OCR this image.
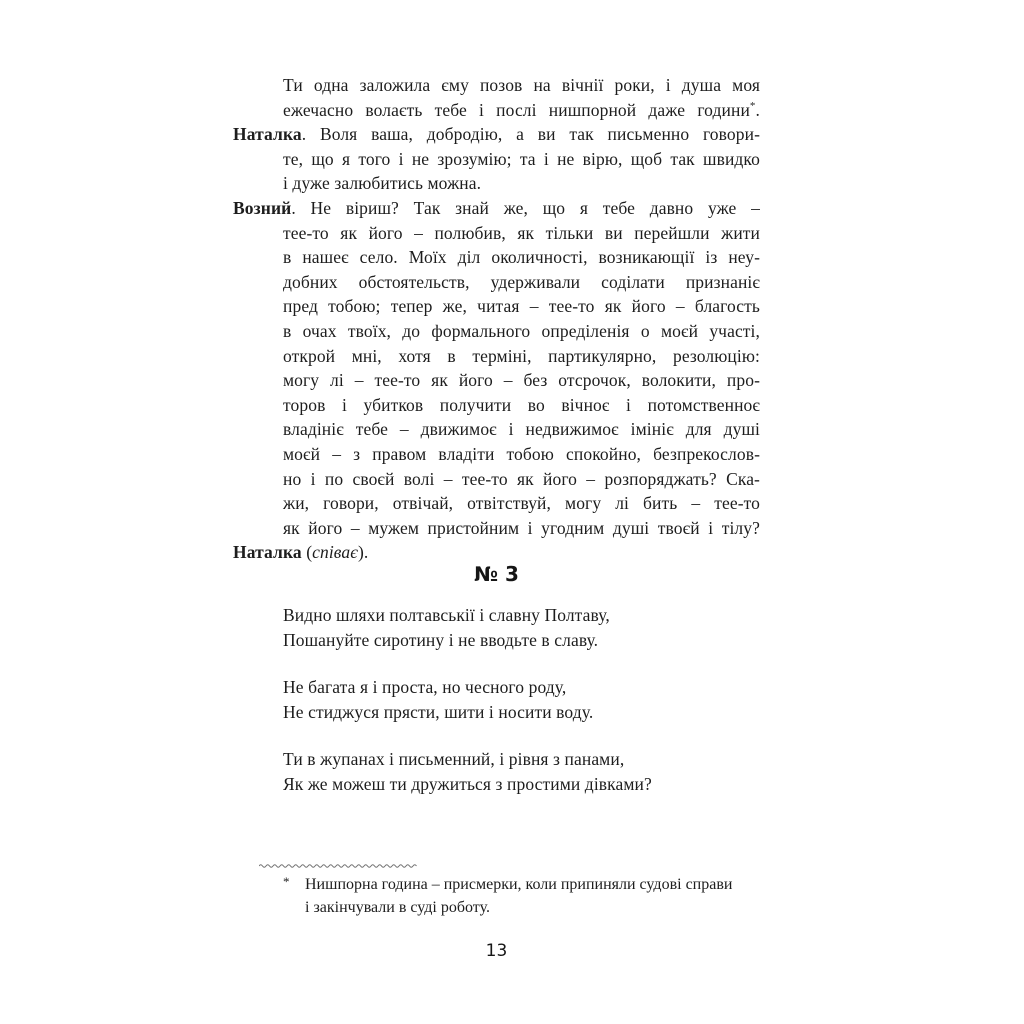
Ти одна заложила єму позов на вічнії роки, і душа моя
ежечасно волаєть тебе і послі нишпорной даже години*.
Наталка. Воля ваша, добродію, а ви так письменно говори-
те, що я того і не зрозумію; та і не вірю, щоб так швидко
і дуже залюбитись можна.
Возний. Не віриш? Так знай же, що я тебе давно уже –
тее-то як його – полюбив, як тільки ви перейшли жити
в нашеє село. Моїх діл околичності, возникающії із неу-
добних обстоятельств, удерживали соділати признаніє
пред тобою; тепер же, читая – тее-то як його – благость
в очах твоїх, до формального опреділенія о моєй участі,
открой мні, хотя в терміні, партикулярно, резолюцію:
могу лі – тее-то як його – без отсрочок, волокити, про-
торов і убитков получити во вічноє і потомственноє
владініє тебе – движимоє і недвижимоє імініє для душі
моєй – з правом владіти тобою спокойно, безпрекослов-
но і по своєй волі – тее-то як його – розпоряджать? Ска-
жи, говори, отвічай, отвітствуй, могу лі бить – тее-то
як його – мужем пристойним і угодним душі твоєй і тілу?
Наталка (співає).
№ 3
Видно шляхи полтавськії і славну Полтаву,
Пошануйте сиротину і не вводьте в славу.
Не багата я і проста, но чесного роду,
Не стиджуся прясти, шити і носити воду.
Ти в жупанах і письменний, і рівня з панами,
Як же можеш ти дружиться з простими дівками?
* Нишпорна година – присмерки, коли припиняли судові справи
і закінчували в суді роботу.
13
